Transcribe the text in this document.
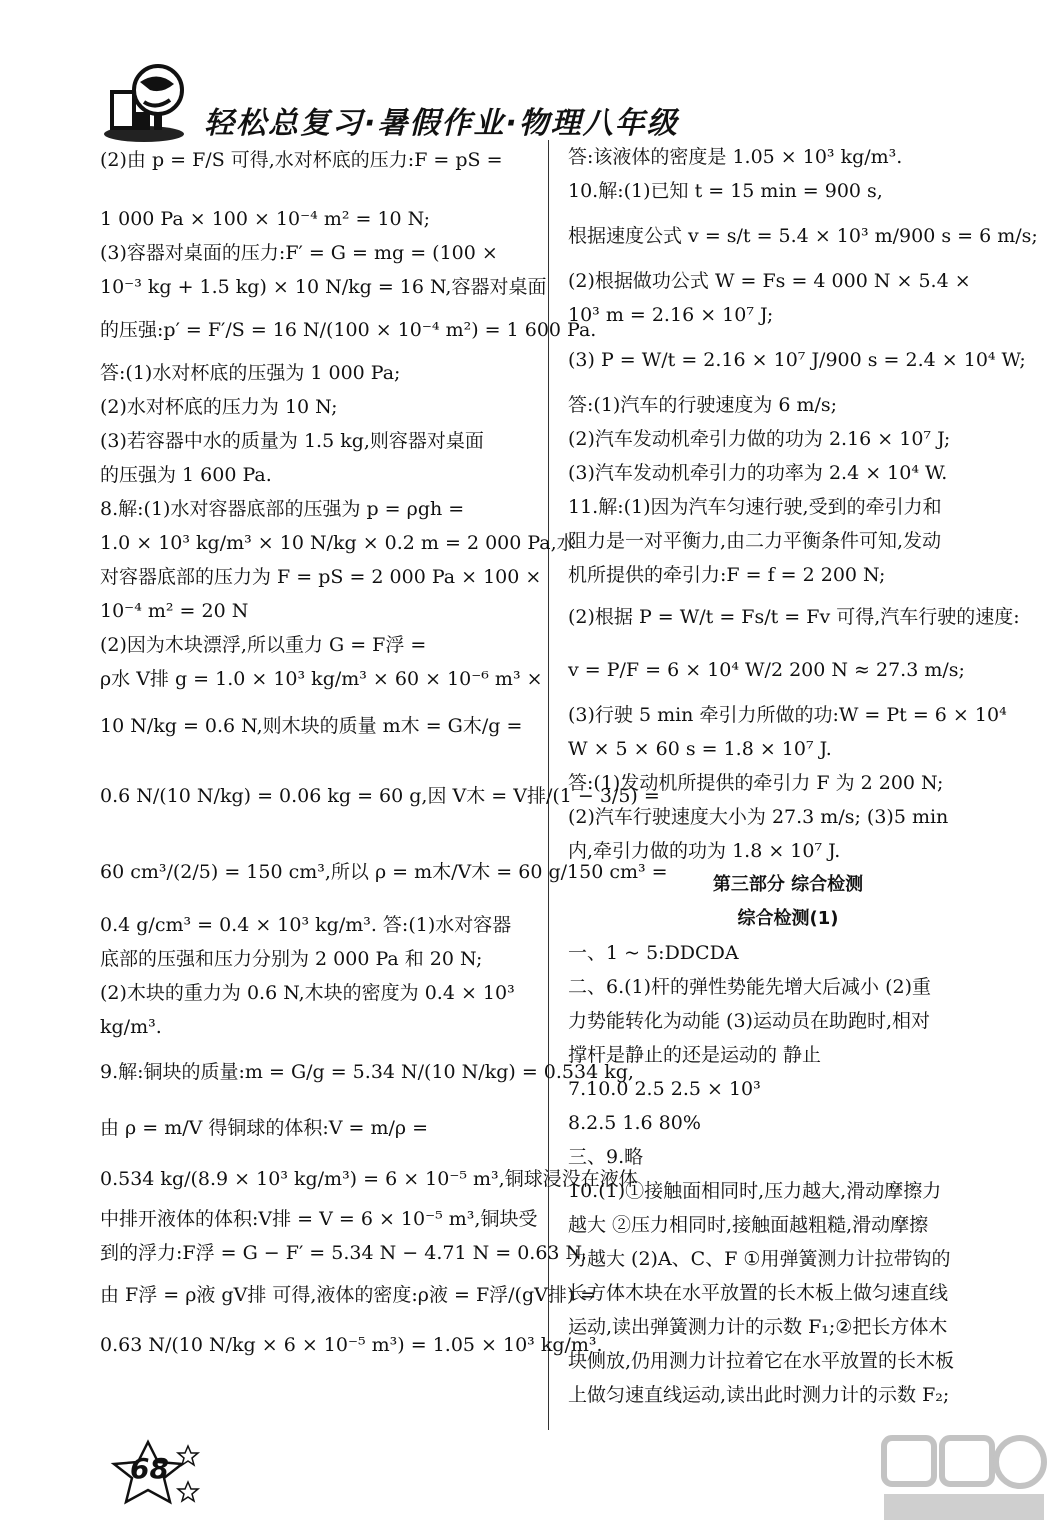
轻松总复习·暑假作业·物理八年级
(2)由 p = F/S 可得,水对杯底的压力:F = pS =
1 000 Pa × 100 × 10⁻⁴ m² = 10 N;
(3)容器对桌面的压力:F′ = G = mg = (100 ×
10⁻³ kg + 1.5 kg) × 10 N/kg = 16 N,容器对桌面
的压强:p′ = F′/S = 16 N/(100 × 10⁻⁴ m²) = 1 600 Pa.
答:(1)水对杯底的压强为 1 000 Pa;
(2)水对杯底的压力为 10 N;
(3)若容器中水的质量为 1.5 kg,则容器对桌面
的压强为 1 600 Pa.
8.解:(1)水对容器底部的压强为 p = ρgh =
1.0 × 10³ kg/m³ × 10 N/kg × 0.2 m = 2 000 Pa,水
对容器底部的压力为 F = pS = 2 000 Pa × 100 ×
10⁻⁴ m² = 20 N
(2)因为木块漂浮,所以重力 G = F浮 =
ρ水 V排 g = 1.0 × 10³ kg/m³ × 60 × 10⁻⁶ m³ ×
10 N/kg = 0.6 N,则木块的质量 m木 = G木/g =
0.6 N/(10 N/kg) = 0.06 kg = 60 g,因 V木 = V排/(1 − 3/5) =
60 cm³/(2/5) = 150 cm³,所以 ρ = m木/V木 = 60 g/150 cm³ =
0.4 g/cm³ = 0.4 × 10³ kg/m³. 答:(1)水对容器
底部的压强和压力分别为 2 000 Pa 和 20 N;
(2)木块的重力为 0.6 N,木块的密度为 0.4 × 10³
kg/m³.
9.解:铜块的质量:m = G/g = 5.34 N/(10 N/kg) = 0.534 kg,
由 ρ = m/V 得铜球的体积:V = m/ρ =
0.534 kg/(8.9 × 10³ kg/m³) = 6 × 10⁻⁵ m³,铜球浸没在液体
中排开液体的体积:V排 = V = 6 × 10⁻⁵ m³,铜块受
到的浮力:F浮 = G − F′ = 5.34 N − 4.71 N = 0.63 N,
由 F浮 = ρ液 gV排 可得,液体的密度:ρ液 = F浮/(gV排) =
0.63 N/(10 N/kg × 6 × 10⁻⁵ m³) = 1.05 × 10³ kg/m³.
答:该液体的密度是 1.05 × 10³ kg/m³.
10.解:(1)已知 t = 15 min = 900 s,
根据速度公式 v = s/t = 5.4 × 10³ m/900 s = 6 m/s;
(2)根据做功公式 W = Fs = 4 000 N × 5.4 ×
10³ m = 2.16 × 10⁷ J;
(3) P = W/t = 2.16 × 10⁷ J/900 s = 2.4 × 10⁴ W;
答:(1)汽车的行驶速度为 6 m/s;
(2)汽车发动机牵引力做的功为 2.16 × 10⁷ J;
(3)汽车发动机牵引力的功率为 2.4 × 10⁴ W.
11.解:(1)因为汽车匀速行驶,受到的牵引力和
阻力是一对平衡力,由二力平衡条件可知,发动
机所提供的牵引力:F = f = 2 200 N;
(2)根据 P = W/t = Fs/t = Fv 可得,汽车行驶的速度:
v = P/F = 6 × 10⁴ W/2 200 N ≈ 27.3 m/s;
(3)行驶 5 min 牵引力所做的功:W = Pt = 6 × 10⁴
W × 5 × 60 s = 1.8 × 10⁷ J.
答:(1)发动机所提供的牵引力 F 为 2 200 N;
(2)汽车行驶速度大小为 27.3 m/s; (3)5 min
内,牵引力做的功为 1.8 × 10⁷ J.
第三部分 综合检测
综合检测(1)
一、1 ~ 5:DDCDA
二、6.(1)杆的弹性势能先增大后减小 (2)重
力势能转化为动能 (3)运动员在助跑时,相对
撑杆是静止的还是运动的 静止
7.10.0 2.5 2.5 × 10³
8.2.5 1.6 80%
三、9.略
10.(1)①接触面相同时,压力越大,滑动摩擦力
越大 ②压力相同时,接触面越粗糙,滑动摩擦
力越大 (2)A、C、F ①用弹簧测力计拉带钩的
长方体木块在水平放置的长木板上做匀速直线
运动,读出弹簧测力计的示数 F₁;②把长方体木
块侧放,仍用测力计拉着它在水平放置的长木板
上做匀速直线运动,读出此时测力计的示数 F₂;
68
